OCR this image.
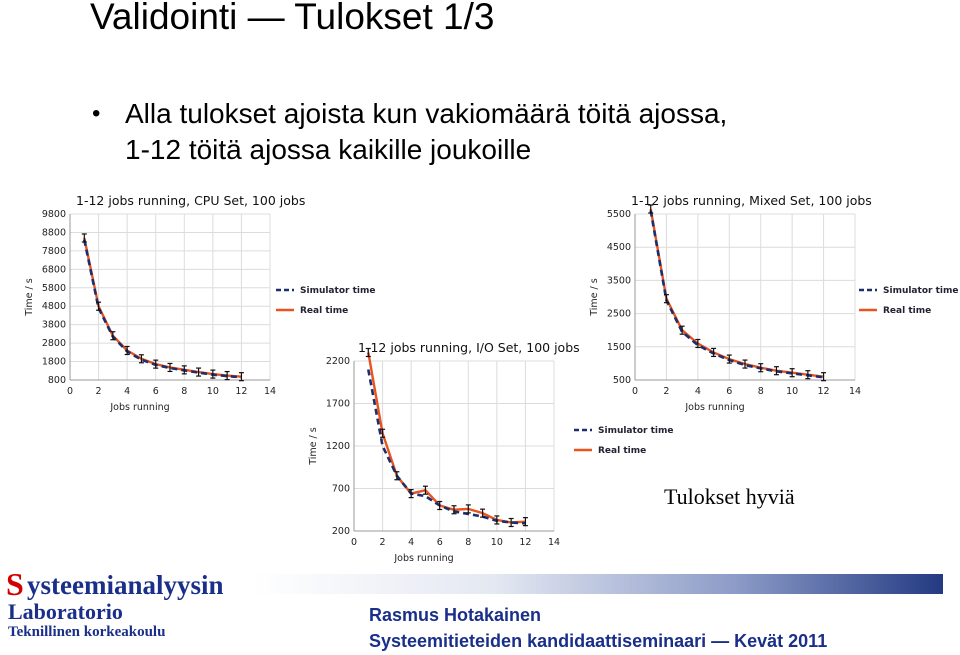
Validointi — Tulokset 1/3
• Alla tulokset ajoista kun vakiomäärä töitä ajossa,
1-12 töitä ajossa kaikille joukoille
1-12 jobs running, CPU Set, 100 jobs
800
1800
2800
3800
4800
5800
6800
7800
8800
9800
0 2 4 6 8 10 12 14
Jobs running
Time / s	Simulator time
Real time
1-12 jobs running, Mixed Set, 100 jobs
500
1500
2500
3500
4500
5500
0	2	4	6	8 10 12 14
Jobs running
Time / s	Simulator time
Real time
1-12 jobs running, I/O Set, 100 jobs
200
700
1200
1700
2200
0 2 4 6 8 10 12 14
Jobs running
Time / s	Simulator time
Real time
Tulokset hyviä
S ysteemianalyysin
Laboratorio
Teknillinen korkeakoulu
Rasmus Hotakainen
Systeemitieteiden kandidaattiseminaari — Kevät 2011
